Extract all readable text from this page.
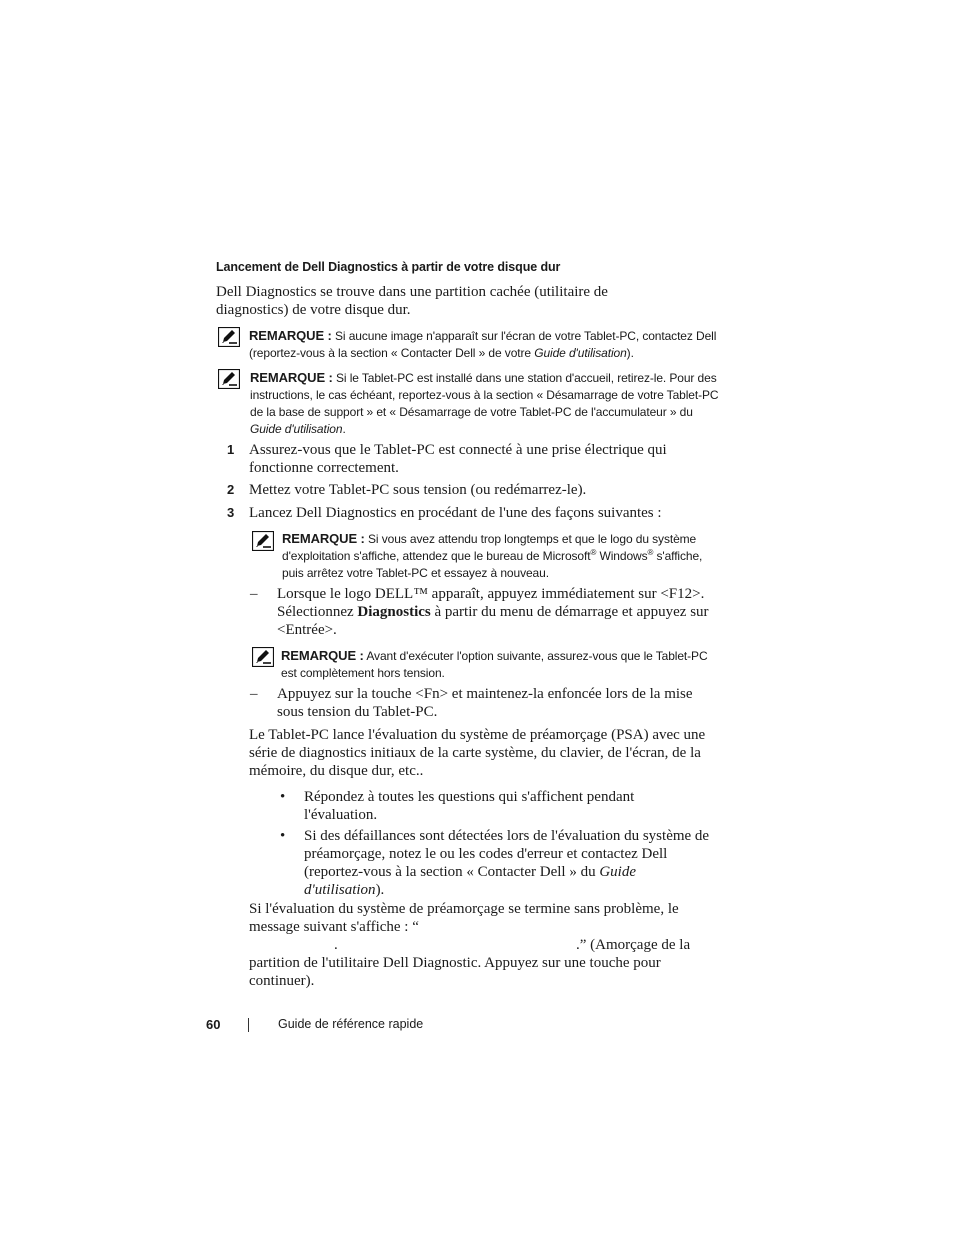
Lancement de Dell Diagnostics à partir de votre disque dur
Dell Diagnostics se trouve dans une partition cachée (utilitaire de diagnostics) de votre disque dur.
REMARQUE : Si aucune image n'apparaît sur l'écran de votre Tablet-PC, contactez Dell (reportez-vous à la section « Contacter Dell » de votre Guide d'utilisation).
REMARQUE : Si le Tablet-PC est installé dans une station d'accueil, retirez-le. Pour des instructions, le cas échéant, reportez-vous à la section « Désamarrage de votre Tablet-PC de la base de support » et « Désamarrage de votre Tablet-PC de l'accumulateur » du Guide d'utilisation.
1 Assurez-vous que le Tablet-PC est connecté à une prise électrique qui fonctionne correctement.
2 Mettez votre Tablet-PC sous tension (ou redémarrez-le).
3 Lancez Dell Diagnostics en procédant de l'une des façons suivantes :
REMARQUE : Si vous avez attendu trop longtemps et que le logo du système d'exploitation s'affiche, attendez que le bureau de Microsoft® Windows® s'affiche, puis arrêtez votre Tablet-PC et essayez à nouveau.
– Lorsque le logo DELL™ apparaît, appuyez immédiatement sur <F12>. Sélectionnez Diagnostics à partir du menu de démarrage et appuyez sur <Entrée>.
REMARQUE : Avant d'exécuter l'option suivante, assurez-vous que le Tablet-PC est complètement hors tension.
– Appuyez sur la touche <Fn> et maintenez-la enfoncée lors de la mise sous tension du Tablet-PC.
Le Tablet-PC lance l'évaluation du système de préamorçage (PSA) avec une série de diagnostics initiaux de la carte système, du clavier, de l'écran, de la mémoire, du disque dur, etc..
• Répondez à toutes les questions qui s'affichent pendant l'évaluation.
• Si des défaillances sont détectées lors de l'évaluation du système de préamorçage, notez le ou les codes d'erreur et contactez Dell (reportez-vous à la section « Contacter Dell » du Guide d'utilisation).
Si l'évaluation du système de préamorçage se termine sans problème, le message suivant s'affiche : “
.	.” (Amorçage de la partition de l'utilitaire Dell Diagnostic. Appuyez sur une touche pour continuer).
60	Guide de référence rapide
